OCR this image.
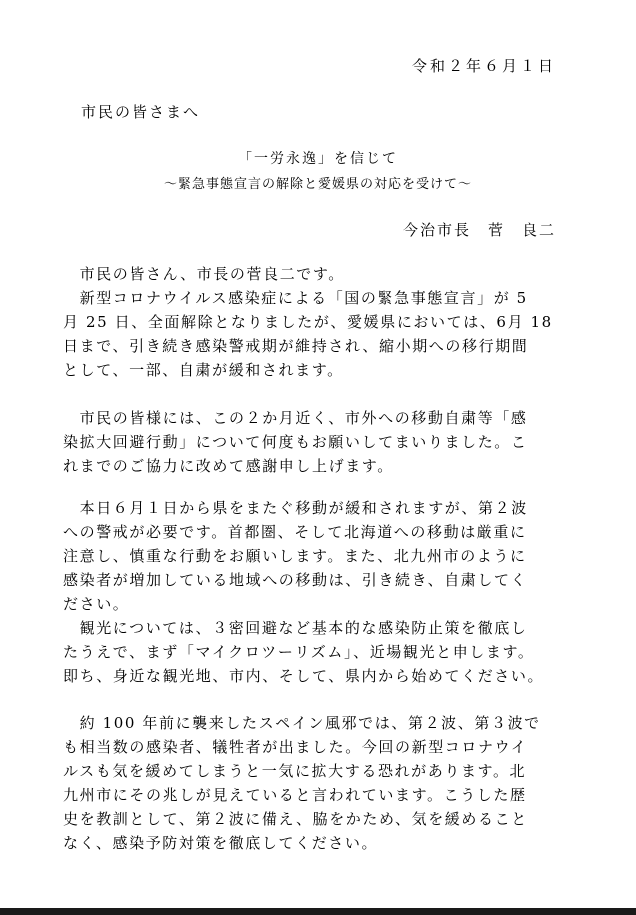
令和２年６月１日
市民の皆さまへ
「一労永逸」を信じて
～緊急事態宣言の解除と愛媛県の対応を受けて～
今治市長　菅　良二
　市民の皆さん、市長の菅良二です。
　新型コロナウイルス感染症による「国の緊急事態宣言」が 5
月 25 日、全面解除となりましたが、愛媛県においては、6月 18
日まで、引き続き感染警戒期が維持され、縮小期への移行期間
として、一部、自粛が緩和されます。
　市民の皆様には、この２か月近く、市外への移動自粛等「感
染拡大回避行動」について何度もお願いしてまいりました。こ
れまでのご協力に改めて感謝申し上げます。
　本日６月１日から県をまたぐ移動が緩和されますが、第２波
への警戒が必要です。首都圏、そして北海道への移動は厳重に
注意し、慎重な行動をお願いします。また、北九州市のように
感染者が増加している地域への移動は、引き続き、自粛してく
ださい。
　観光については、３密回避など基本的な感染防止策を徹底し
たうえで、まず「マイクロツーリズム」、近場観光と申します。
即ち、身近な観光地、市内、そして、県内から始めてください。
　約 100 年前に襲来したスペイン風邪では、第２波、第３波で
も相当数の感染者、犠牲者が出ました。今回の新型コロナウイ
ルスも気を緩めてしまうと一気に拡大する恐れがあります。北
九州市にその兆しが見えていると言われています。こうした歴
史を教訓として、第２波に備え、脇をかため、気を緩めること
なく、感染予防対策を徹底してください。
